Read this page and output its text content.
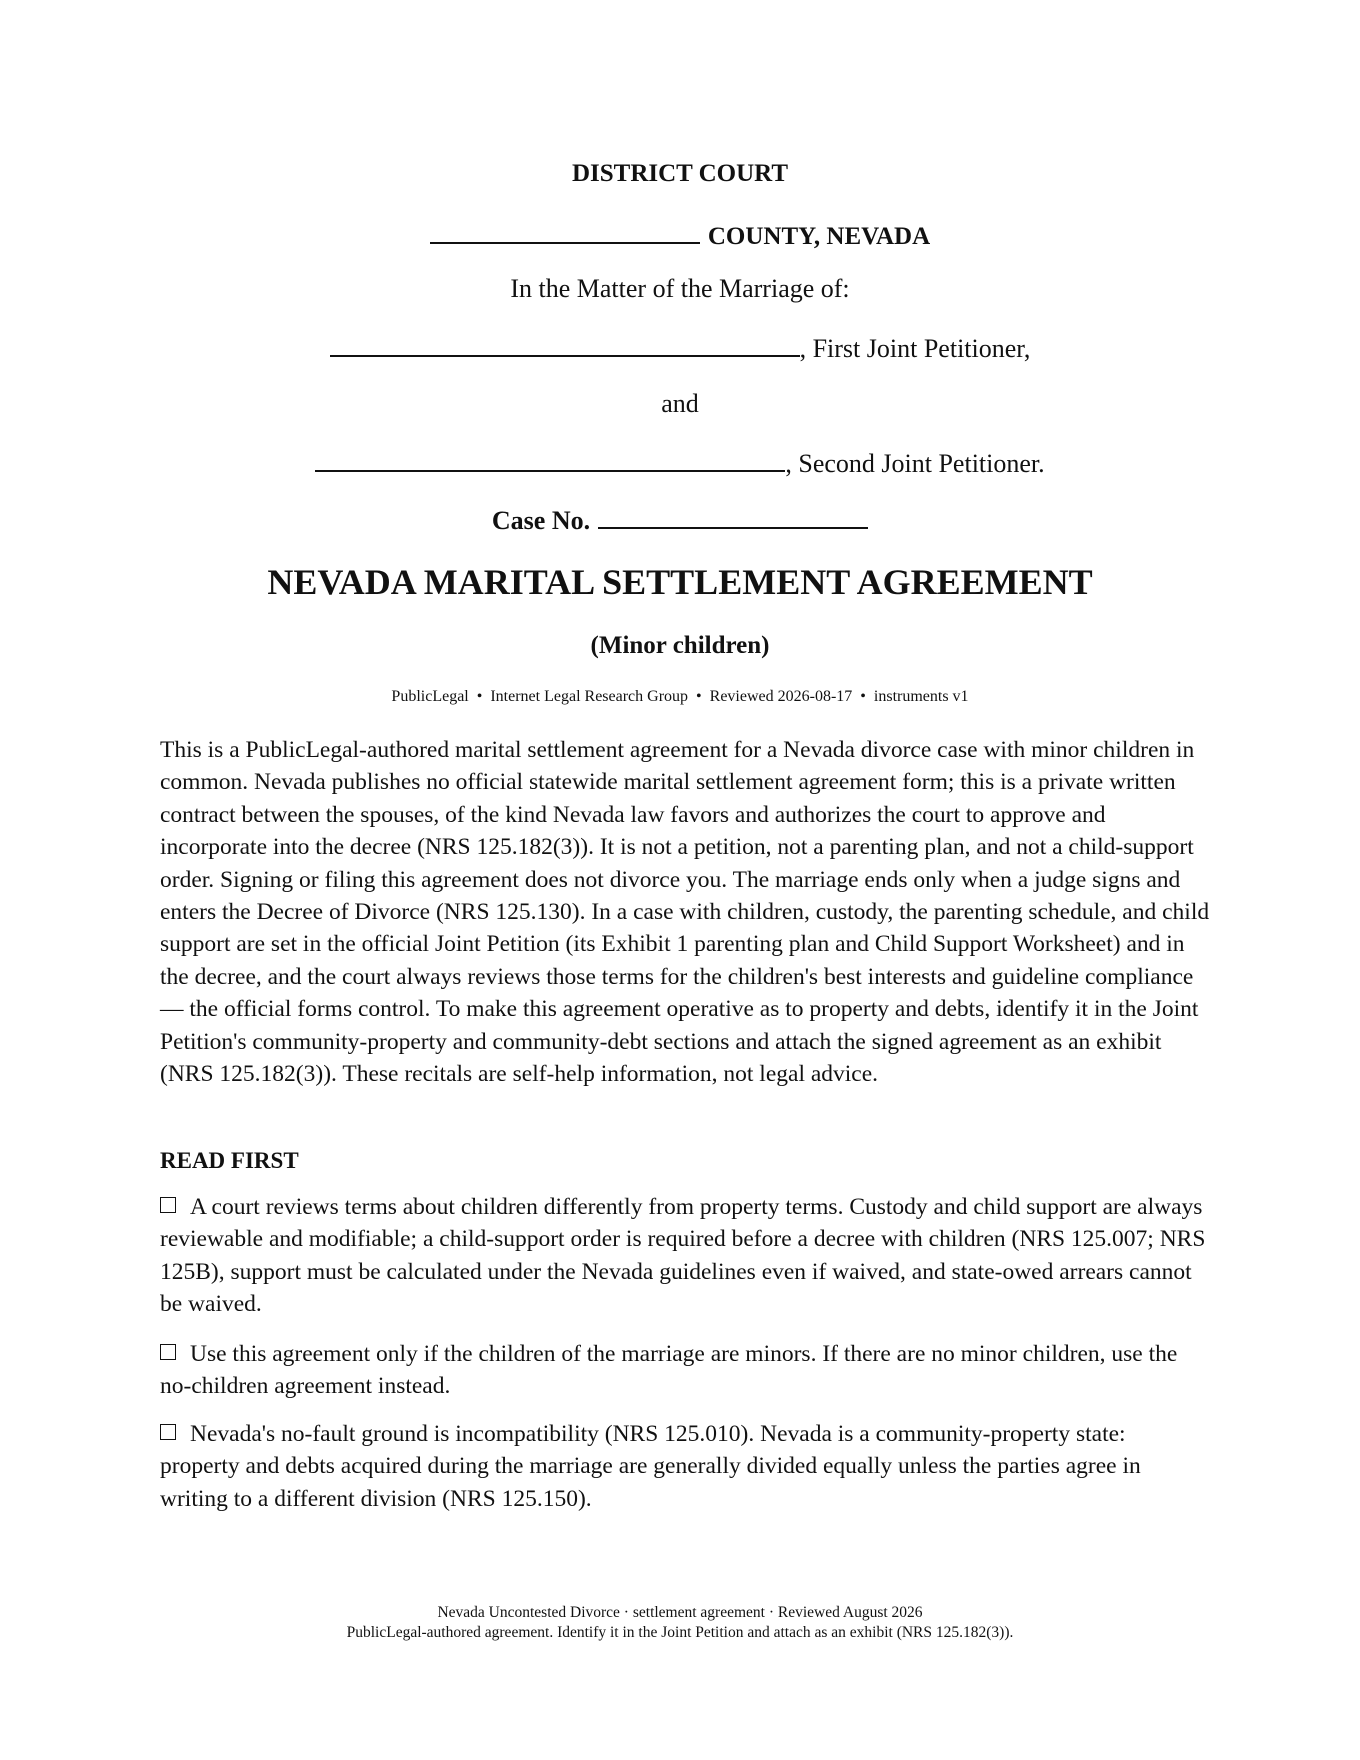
DISTRICT COURT
COUNTY, NEVADA
In the Matter of the Marriage of:
, First Joint Petitioner,
and
, Second Joint Petitioner.
Case No.
NEVADA MARITAL SETTLEMENT AGREEMENT
(Minor children)
PublicLegal • Internet Legal Research Group • Reviewed 2026-08-17 • instruments v1
This is a PublicLegal-authored marital settlement agreement for a Nevada divorce case with minor children in common. Nevada publishes no official statewide marital settlement agreement form; this is a private written contract between the spouses, of the kind Nevada law favors and authorizes the court to approve and incorporate into the decree (NRS 125.182(3)). It is not a petition, not a parenting plan, and not a child-support order. Signing or filing this agreement does not divorce you. The marriage ends only when a judge signs and enters the Decree of Divorce (NRS 125.130). In a case with children, custody, the parenting schedule, and child support are set in the official Joint Petition (its Exhibit 1 parenting plan and Child Support Worksheet) and in the decree, and the court always reviews those terms for the children's best interests and guideline compliance — the official forms control. To make this agreement operative as to property and debts, identify it in the Joint Petition's community-property and community-debt sections and attach the signed agreement as an exhibit (NRS 125.182(3)). These recitals are self-help information, not legal advice.
READ FIRST
A court reviews terms about children differently from property terms. Custody and child support are always reviewable and modifiable; a child-support order is required before a decree with children (NRS 125.007; NRS 125B), support must be calculated under the Nevada guidelines even if waived, and state-owed arrears cannot be waived.
Use this agreement only if the children of the marriage are minors. If there are no minor children, use the no-children agreement instead.
Nevada's no-fault ground is incompatibility (NRS 125.010). Nevada is a community-property state: property and debts acquired during the marriage are generally divided equally unless the parties agree in writing to a different division (NRS 125.150).
Nevada Uncontested Divorce · settlement agreement · Reviewed August 2026
PublicLegal-authored agreement. Identify it in the Joint Petition and attach as an exhibit (NRS 125.182(3)).
